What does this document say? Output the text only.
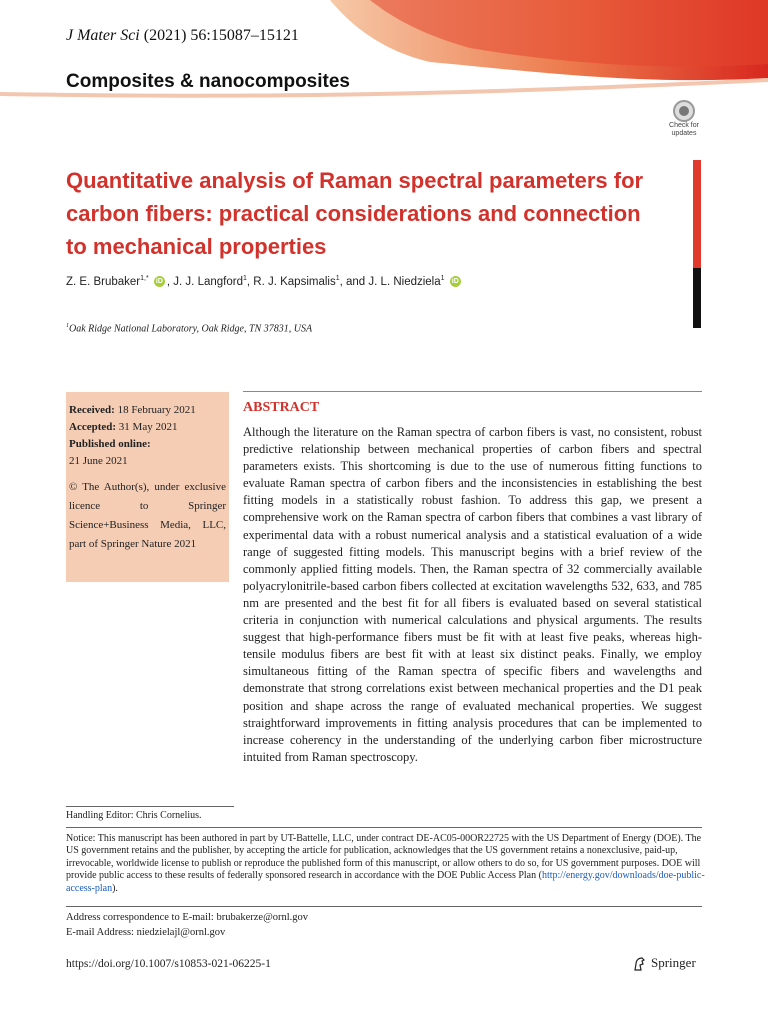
J Mater Sci (2021) 56:15087–15121
Composites & nanocomposites
Check for updates
Quantitative analysis of Raman spectral parameters for carbon fibers: practical considerations and connection to mechanical properties
Z. E. Brubaker$^{1,*}$ iD , J. J. Langford$^1$, R. J. Kapsimalis$^1$, and J. L. Niedziela$^1$ iD
$^1$Oak Ridge National Laboratory, Oak Ridge, TN 37831, USA
Received: 18 February 2021
Accepted: 31 May 2021
Published online:
21 June 2021
© The Author(s), under exclusive licence to Springer Science+Business Media, LLC, part of Springer Nature 2021
ABSTRACT
Although the literature on the Raman spectra of carbon fibers is vast, no consistent, robust predictive relationship between mechanical properties of carbon fibers and spectral parameters exists. This shortcoming is due to the use of numerous fitting functions to evaluate Raman spectra of carbon fibers and the inconsistencies in establishing the best fitting models in a statistically robust fashion. To address this gap, we present a comprehensive work on the Raman spectra of carbon fibers that combines a vast library of experimental data with a robust numerical analysis and a statistical evaluation of a wide range of suggested fitting models. This manuscript begins with a brief review of the commonly applied fitting models. Then, the Raman spectra of 32 commercially available polyacrylonitrile-based carbon fibers collected at excitation wavelengths 532, 633, and 785 nm are presented and the best fit for all fibers is evaluated based on several statistical criteria in conjunction with numerical calculations and physical arguments. The results suggest that high-performance fibers must be fit with at least five peaks, whereas high-tensile modulus fibers are best fit with at least six distinct peaks. Finally, we employ simultaneous fitting of the Raman spectra of specific fibers and wavelengths and demonstrate that strong correlations exist between mechanical properties and the D1 peak position and shape across the range of evaluated mechanical properties. We suggest straightforward improvements in fitting analysis procedures that can be implemented to increase coherency in the understanding of the underlying carbon fiber microstructure intuited from Raman spectroscopy.
Handling Editor: Chris Cornelius.
Notice: This manuscript has been authored in part by UT-Battelle, LLC, under contract DE-AC05-00OR22725 with the US Department of Energy (DOE). The US government retains and the publisher, by accepting the article for publication, acknowledges that the US government retains a nonexclusive, paid-up, irrevocable, worldwide license to publish or reproduce the published form of this manuscript, or allow others to do so, for US government purposes. DOE will provide public access to these results of federally sponsored research in accordance with the DOE Public Access Plan (http://energy.gov/downloads/doe-public-access-plan).
Address correspondence to E-mail: brubakerze@ornl.gov
E-mail Address: niedzielajl@ornl.gov
https://doi.org/10.1007/s10853-021-06225-1	Springer
